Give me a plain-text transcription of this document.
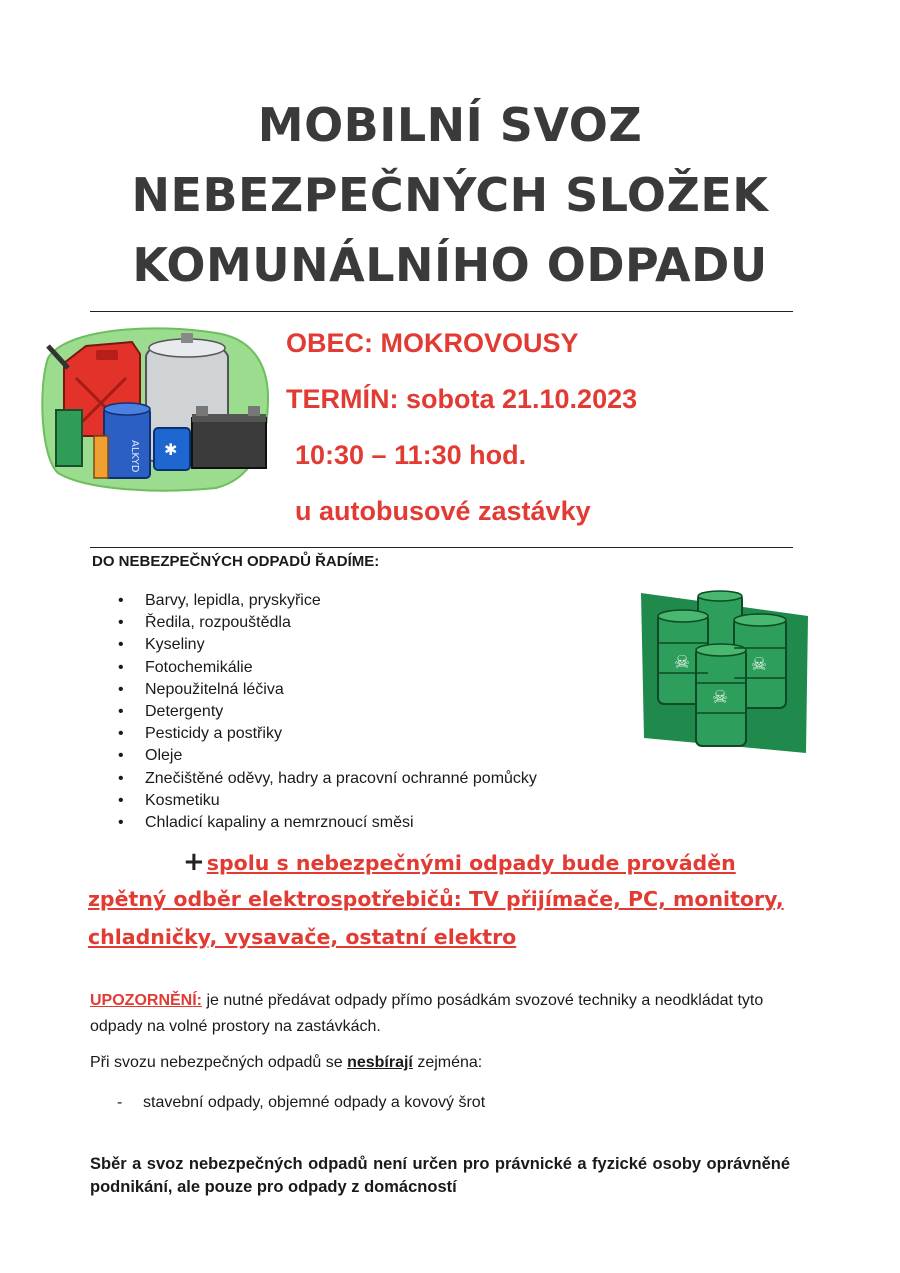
MOBILNÍ SVOZ
NEBEZPEČNÝCH SLOŽEK
KOMUNÁLNÍHO ODPADU
ALKYD ✱
OBEC: MOKROVOUSY
TERMÍN: sobota 21.10.2023
10:30 – 11:30 hod.
u autobusové zastávky
DO NEBEZPEČNÝCH ODPADŮ ŘADÍME:
• Barvy, lepidla, pryskyřice
• Ředila, rozpouštědla
• Kyseliny
• Fotochemikálie
• Nepoužitelná léčiva
• Detergenty
• Pesticidy a postřiky
• Oleje
• Znečištěné oděvy, hadry a pracovní ochranné pomůcky
• Kosmetiku
• Chladicí kapaliny a nemrznoucí směsi
☠	☠
☠
+spolu s nebezpečnými odpady bude prováděn
zpětný odběr elektrospotřebičů: TV přijímače, PC, monitory,
chladničky, vysavače, ostatní elektro
UPOZORNĚNÍ: je nutné předávat odpady přímo posádkám svozové techniky a neodkládat tyto odpady na volné prostory na zastávkách.
Při svozu nebezpečných odpadů se nesbírají zejména:
- stavební odpady, objemné odpady a kovový šrot
Sběr a svoz nebezpečných odpadů není určen pro právnické a fyzické osoby oprávněné podnikání, ale pouze pro odpady z domácností
